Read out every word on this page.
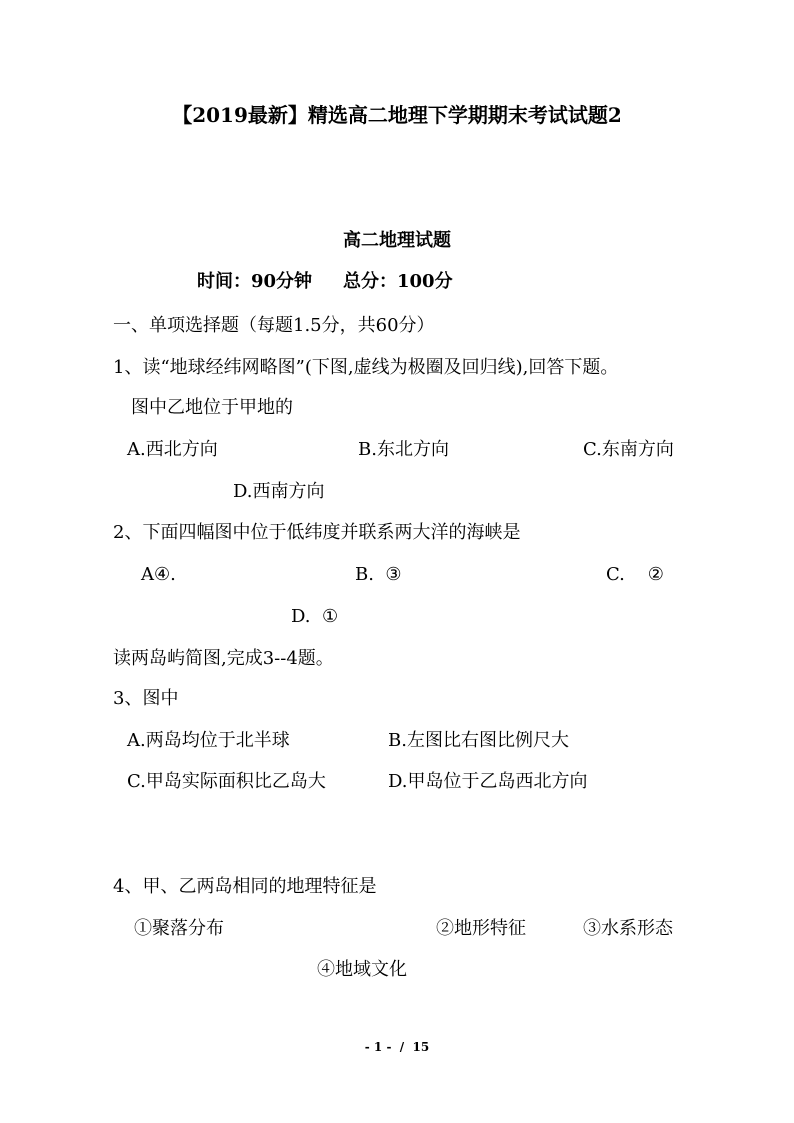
【2019最新】精选高二地理下学期期末考试试题2
高二地理试题
时间：90分钟 总分：100分
一、单项选择题（每题1.5分，共60分）
1、读“地球经纬网略图”(下图,虚线为极圈及回归线),回答下题。
图中乙地位于甲地的
A.西北方向	B.东北方向	C.东南方向
D.西南方向
2、下面四幅图中位于低纬度并联系两大洋的海峡是
A④.	B.  ③	C.    ②
D.  ①
读两岛屿简图,完成3--4题。
3、图中
A.两岛均位于北半球	B.左图比右图比例尺大
C.甲岛实际面积比乙岛大	D.甲岛位于乙岛西北方向
4、甲、乙两岛相同的地理特征是
①聚落分布	②地形特征	③水系形态
④地域文化
- 1 -  /  15
